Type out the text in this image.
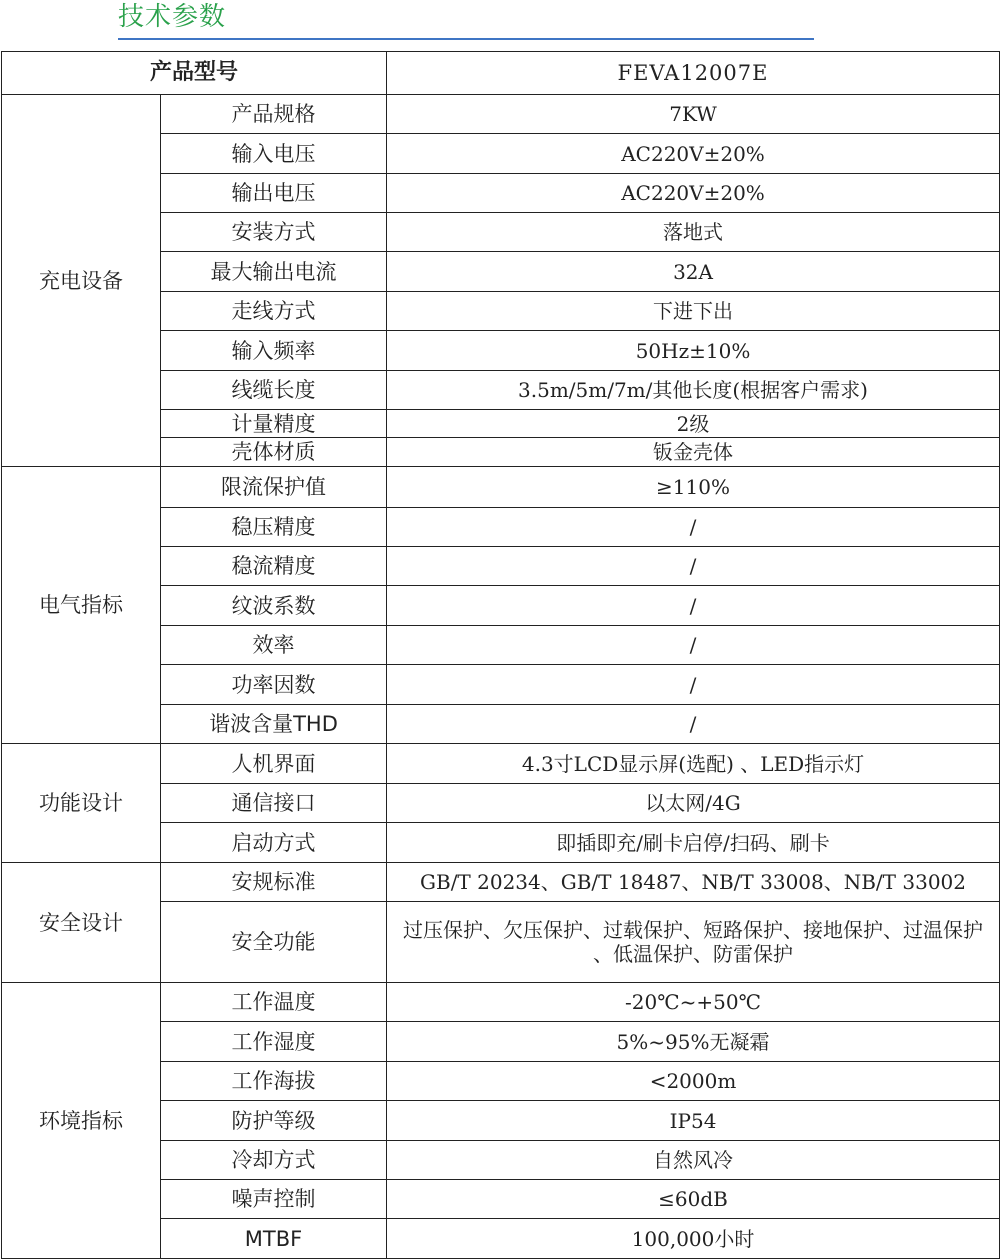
技术参数
产品型号		FEVA12007E
充电设备	产品规格	7KW
	输入电压	AC220V±20%
	输出电压	AC220V±20%
	安装方式	落地式
	最大输出电流	32A
	走线方式	下进下出
	输入频率	50Hz±10%
	线缆长度	3.5m/5m/7m/其他长度(根据客户需求)
	计量精度	2级
	壳体材质	钣金壳体
电气指标	限流保护值	≥110%
	稳压精度	/
	稳流精度	/
	纹波系数	/
	效率	/
	功率因数	/
	谐波含量THD	/
功能设计	人机界面	4.3寸LCD显示屏(选配) 、LED指示灯
	通信接口	以太网/4G
	启动方式	即插即充/刷卡启停/扫码、刷卡
安全设计	安规标准	GB/T 20234、GB/T 18487、NB/T 33008、NB/T 33002
	安全功能	过压保护、欠压保护、过载保护、短路保护、接地保护、过温保护 、低温保护、防雷保护
环境指标	工作温度	-20℃~+50℃
	工作湿度	5%~95%无凝霜
	工作海拔	<2000m
	防护等级	IP54
	冷却方式	自然风冷
	噪声控制	≤60dB
	MTBF	100,000小时
